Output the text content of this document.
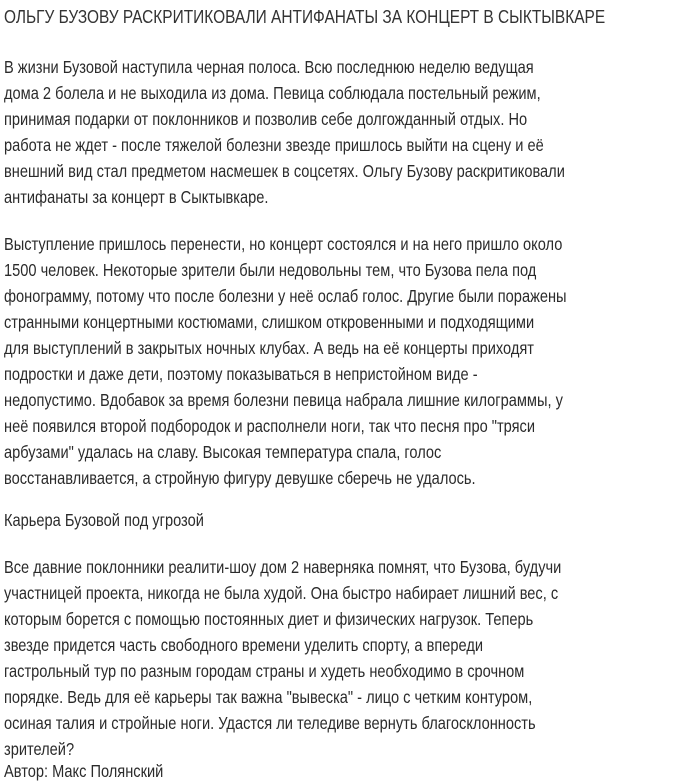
ОЛЬГУ БУЗОВУ РАСКРИТИКОВАЛИ АНТИФАНАТЫ ЗА КОНЦЕРТ В СЫКТЫВКАРЕ
В жизни Бузовой наступила черная полоса. Всю последнюю неделю ведущая
дома 2 болела и не выходила из дома. Певица соблюдала постельный режим,
принимая подарки от поклонников и позволив себе долгожданный отдых. Но
работа не ждет - после тяжелой болезни звезде пришлось выйти на сцену и её
внешний вид стал предметом насмешек в соцсетях. Ольгу Бузову раскритиковали
антифанаты за концерт в Сыктывкаре.
Выступление пришлось перенести, но концерт состоялся и на него пришло около
1500 человек. Некоторые зрители были недовольны тем, что Бузова пела под
фонограмму, потому что после болезни у неё ослаб голос. Другие были поражены
странными концертными костюмами, слишком откровенными и подходящими
для выступлений в закрытых ночных клубах. А ведь на её концерты приходят
подростки и даже дети, поэтому показываться в непристойном виде -
недопустимо. Вдобавок за время болезни певица набрала лишние килограммы, у
неё появился второй подбородок и располнели ноги, так что песня про "тряси
арбузами" удалась на славу. Высокая температура спала, голос
восстанавливается, а стройную фигуру девушке сберечь не удалось.
Карьера Бузовой под угрозой
Все давние поклонники реалити-шоу дом 2 наверняка помнят, что Бузова, будучи
участницей проекта, никогда не была худой. Она быстро набирает лишний вес, с
которым борется с помощью постоянных диет и физических нагрузок. Теперь
звезде придется часть свободного времени уделить спорту, а впереди
гастрольный тур по разным городам страны и худеть необходимо в срочном
порядке. Ведь для её карьеры так важна "вывеска" - лицо с четким контуром,
осиная талия и стройные ноги. Удастся ли теледиве вернуть благосклонность
зрителей?
Автор: Макс Полянский
